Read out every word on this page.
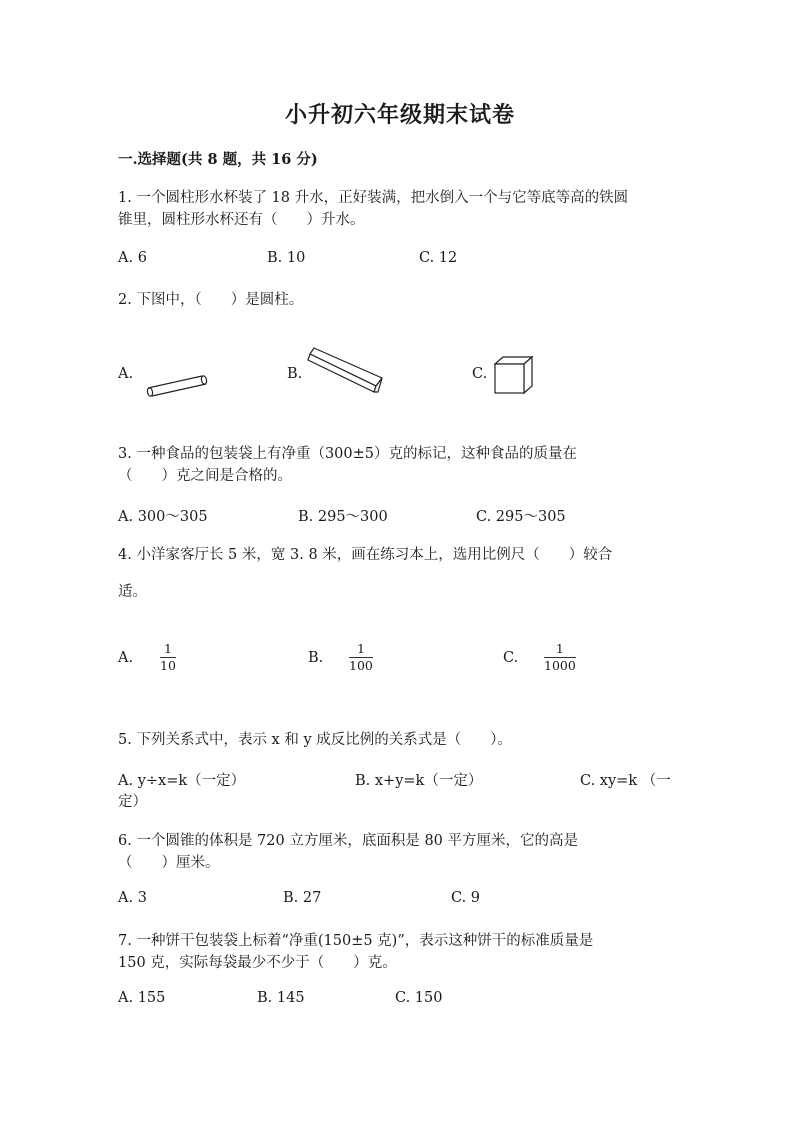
小升初六年级期末试卷
一.选择题(共 8 题，共 16 分)
1. 一个圆柱形水杯装了 18 升水，正好装满，把水倒入一个与它等底等高的铁圆
锥里，圆柱形水杯还有（　　）升水。
A. 6	B. 10	C. 12
2. 下图中，（　　）是圆柱。
A.	B.	C.
3. 一种食品的包装袋上有净重（300±5）克的标记，这种食品的质量在
（　　）克之间是合格的。
A. 300～305	B. 295～300	C. 295～305
4. 小洋家客厅长 5 米，宽 3. 8 米，画在练习本上，选用比例尺（　　）较合
适。
A.
1
10	B.
1
100	C.
1
1000
5. 下列关系式中，表示 x 和 y 成反比例的关系式是（　　）。
A. y÷x=k（一定）	B. x+y=k（一定）	C. xy=k （一
定）
6. 一个圆锥的体积是 720 立方厘米，底面积是 80 平方厘米，它的高是
（　　）厘米。
A. 3	B. 27	C. 9
7. 一种饼干包装袋上标着“净重(150±5 克)”，表示这种饼干的标准质量是
150 克，实际每袋最少不少于（　　）克。
A. 155	B. 145	C. 150
